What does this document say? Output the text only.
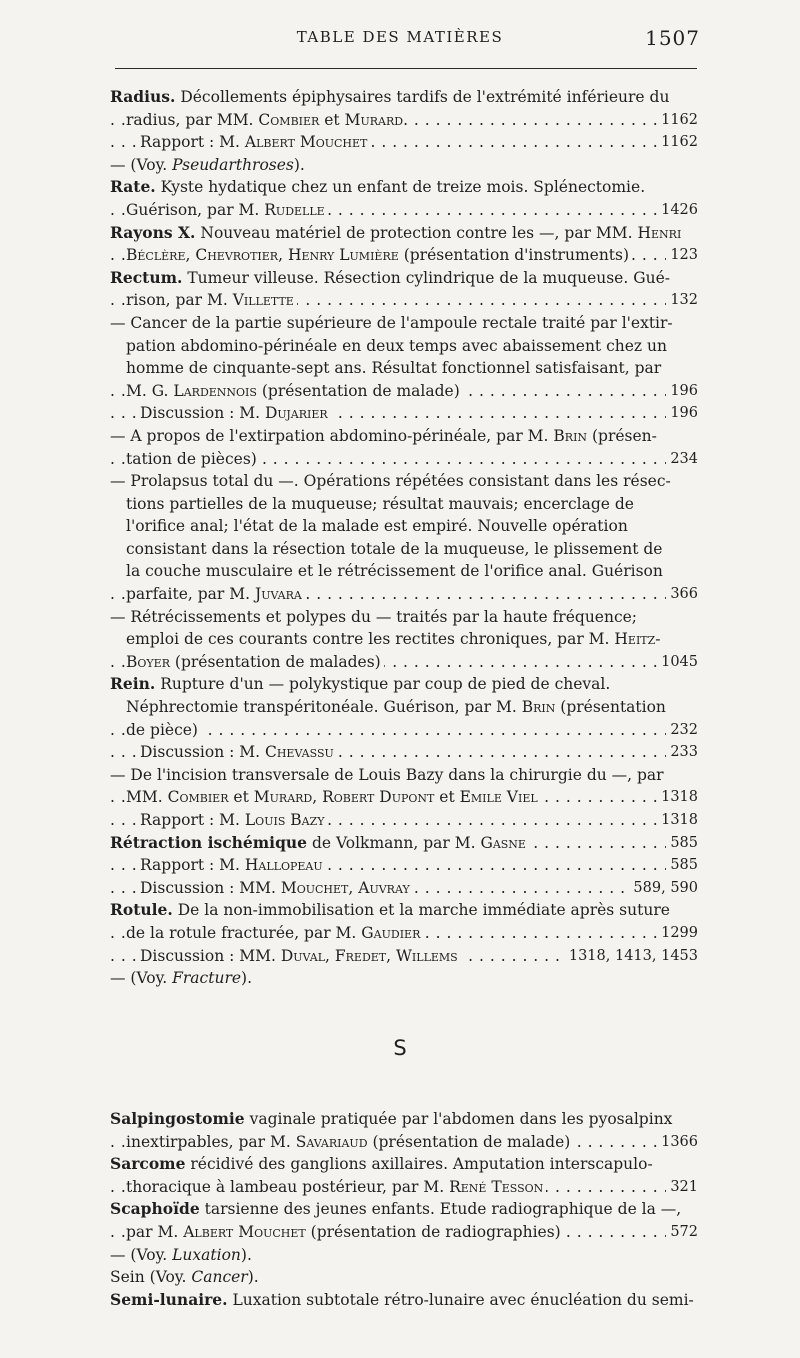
TABLE DES MATIÈRES	1507
Radius. Décollements épiphysaires tardifs de l'extrémité inférieure du
. . . radius, par MM. Combier et Murard.	1162
. . . Rapport : M. Albert Mouchet	1162
— (Voy. Pseudarthroses).
Rate. Kyste hydatique chez un enfant de treize mois. Splénectomie.
. . . Guérison, par M. Rudelle	1426
Rayons X. Nouveau matériel de protection contre les —, par MM. Henri
. . . Béclère, Chevrotier, Henry Lumière (présentation d'instruments)	123
Rectum. Tumeur villeuse. Résection cylindrique de la muqueuse. Gué-
. . . rison, par M. Villette	132
— Cancer de la partie supérieure de l'ampoule rectale traité par l'extir-
pation abdomino-périnéale en deux temps avec abaissement chez un
homme de cinquante-sept ans. Résultat fonctionnel satisfaisant, par
. . . M. G. Lardennois (présentation de malade)	196
. . . Discussion : M. Dujarier	196
— A propos de l'extirpation abdomino-périnéale, par M. Brin (présen-
. . . tation de pièces)	234
— Prolapsus total du —. Opérations répétées consistant dans les résec-
tions partielles de la muqueuse; résultat mauvais; encerclage de
l'orifice anal; l'état de la malade est empiré. Nouvelle opération
consistant dans la résection totale de la muqueuse, le plissement de
la couche musculaire et le rétrécissement de l'orifice anal. Guérison
. . . parfaite, par M. Juvara	366
— Rétrécissements et polypes du — traités par la haute fréquence;
emploi de ces courants contre les rectites chroniques, par M. Heitz-
. . . Boyer (présentation de malades)	1045
Rein. Rupture d'un — polykystique par coup de pied de cheval.
Néphrectomie transpéritonéale. Guérison, par M. Brin (présentation
. . . de pièce)	232
. . . Discussion : M. Chevassu	233
— De l'incision transversale de Louis Bazy dans la chirurgie du —, par
. . . MM. Combier et Murard, Robert Dupont et Emile Viel	1318
. . . Rapport : M. Louis Bazy	1318
. . . Rétraction ischémique de Volkmann, par M. Gasne	585
. . . Rapport : M. Hallopeau	585
. . . Discussion : MM. Mouchet, Auvray	589, 590
Rotule. De la non-immobilisation et la marche immédiate après suture
. . . de la rotule fracturée, par M. Gaudier	1299
. . . Discussion : MM. Duval, Fredet, Willems	1318, 1413, 1453
— (Voy. Fracture).
S
Salpingostomie vaginale pratiquée par l'abdomen dans les pyosalpinx
. . . inextirpables, par M. Savariaud (présentation de malade)	1366
Sarcome récidivé des ganglions axillaires. Amputation interscapulo-
. . . thoracique à lambeau postérieur, par M. René Tesson	321
Scaphoïde tarsienne des jeunes enfants. Etude radiographique de la —,
. . . par M. Albert Mouchet (présentation de radiographies)	572
— (Voy. Luxation).
Sein (Voy. Cancer).
Semi-lunaire. Luxation subtotale rétro-lunaire avec énucléation du semi-
